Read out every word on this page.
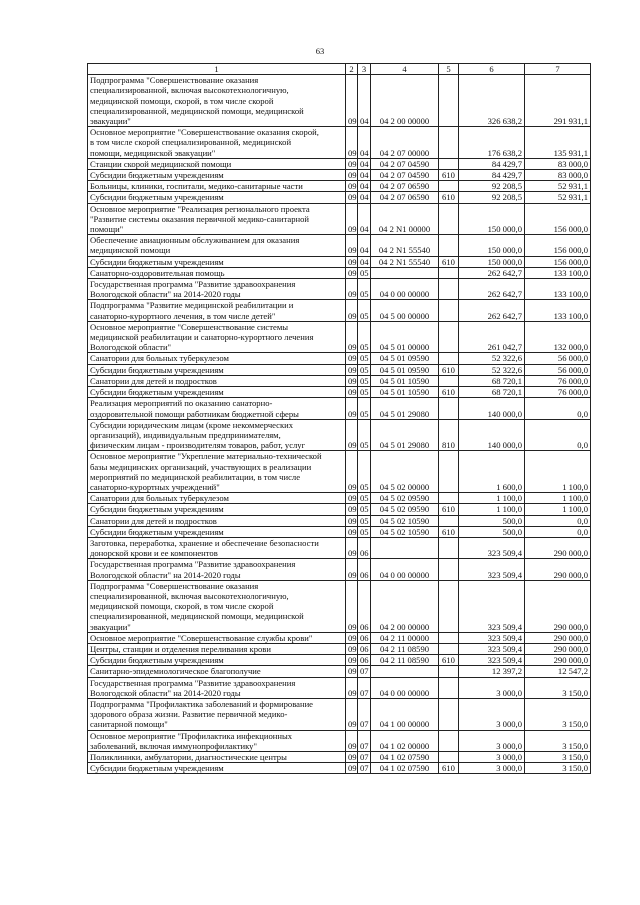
63
1	2	3	4	5	6	7
Подпрограмма "Совершенствование оказания
специализированной, включая высокотехнологичную,
медицинской помощи, скорой, в том числе скорой
специализированной, медицинской помощи, медицинской
эвакуации"	09	04	04 2 00 00000		326 638,2	291 931,1
Основное мероприятие "Совершенствование оказания скорой,
в том числе скорой специализированной, медицинской
помощи, медицинской эвакуации"	09	04	04 2 07 00000		176 638,2	135 931,1
Станции скорой медицинской помощи	09	04	04 2 07 04590		84 429,7	83 000,0
Субсидии бюджетным учреждениям	09	04	04 2 07 04590	610	84 429,7	83 000,0
Больницы, клиники, госпитали, медико-санитарные части	09	04	04 2 07 06590		92 208,5	52 931,1
Субсидии бюджетным учреждениям	09	04	04 2 07 06590	610	92 208,5	52 931,1
Основное мероприятие "Реализация регионального проекта
"Развитие системы оказания первичной медико-санитарной
помощи"	09	04	04 2 N1 00000		150 000,0	156 000,0
Обеспечение авиационным обслуживанием для оказания
медицинской помощи	09	04	04 2 N1 55540		150 000,0	156 000,0
Субсидии бюджетным учреждениям	09	04	04 2 N1 55540	610	150 000,0	156 000,0
Санаторно-оздоровительная помощь	09	05			262 642,7	133 100,0
Государственная программа "Развитие здравоохранения
Вологодской области" на 2014-2020 годы	09	05	04 0 00 00000		262 642,7	133 100,0
Подпрограмма "Развитие медицинской реабилитации и
санаторно-курортного лечения, в том числе детей"	09	05	04 5 00 00000		262 642,7	133 100,0
Основное мероприятие "Совершенствование системы
медицинской реабилитации и санаторно-курортного лечения
Вологодской области"	09	05	04 5 01 00000		261 042,7	132 000,0
Санатории для больных туберкулезом	09	05	04 5 01 09590		52 322,6	56 000,0
Субсидии бюджетным учреждениям	09	05	04 5 01 09590	610	52 322,6	56 000,0
Санатории для детей и подростков	09	05	04 5 01 10590		68 720,1	76 000,0
Субсидии бюджетным учреждениям	09	05	04 5 01 10590	610	68 720,1	76 000,0
Реализация мероприятий по оказанию санаторно-
оздоровительной помощи работникам бюджетной сферы	09	05	04 5 01 29080		140 000,0	0,0
Субсидии юридическим лицам (кроме некоммерческих
организаций), индивидуальным предпринимателям,
физическим лицам - производителям товаров, работ, услуг	09	05	04 5 01 29080	810	140 000,0	0,0
Основное мероприятие "Укрепление материально-технической
базы медицинских организаций, участвующих в реализации
мероприятий по медицинской реабилитации, в том числе
санаторно-курортных учреждений"	09	05	04 5 02 00000		1 600,0	1 100,0
Санатории для больных туберкулезом	09	05	04 5 02 09590		1 100,0	1 100,0
Субсидии бюджетным учреждениям	09	05	04 5 02 09590	610	1 100,0	1 100,0
Санатории для детей и подростков	09	05	04 5 02 10590		500,0	0,0
Субсидии бюджетным учреждениям	09	05	04 5 02 10590	610	500,0	0,0
Заготовка, переработка, хранение и обеспечение безопасности
донорской крови и ее компонентов	09	06			323 509,4	290 000,0
Государственная программа "Развитие здравоохранения
Вологодской области" на 2014-2020 годы	09	06	04 0 00 00000		323 509,4	290 000,0
Подпрограмма "Совершенствование оказания
специализированной, включая высокотехнологичную,
медицинской помощи, скорой, в том числе скорой
специализированной, медицинской помощи, медицинской
эвакуации"	09	06	04 2 00 00000		323 509,4	290 000,0
Основное мероприятие "Совершенствование службы крови"	09	06	04 2 11 00000		323 509,4	290 000,0
Центры, станции и отделения переливания крови	09	06	04 2 11 08590		323 509,4	290 000,0
Субсидии бюджетным учреждениям	09	06	04 2 11 08590	610	323 509,4	290 000,0
Санитарно-эпидемиологическое благополучие	09	07			12 397,2	12 547,2
Государственная программа "Развитие здравоохранения
Вологодской области" на 2014-2020 годы	09	07	04 0 00 00000		3 000,0	3 150,0
Подпрограмма "Профилактика заболеваний и формирование
здорового образа жизни. Развитие первичной медико-
санитарной помощи"	09	07	04 1 00 00000		3 000,0	3 150,0
Основное мероприятие "Профилактика инфекционных
заболеваний, включая иммунопрофилактику"	09	07	04 1 02 00000		3 000,0	3 150,0
Поликлиники, амбулатории, диагностические центры	09	07	04 1 02 07590		3 000,0	3 150,0
Субсидии бюджетным учреждениям	09	07	04 1 02 07590	610	3 000,0	3 150,0
